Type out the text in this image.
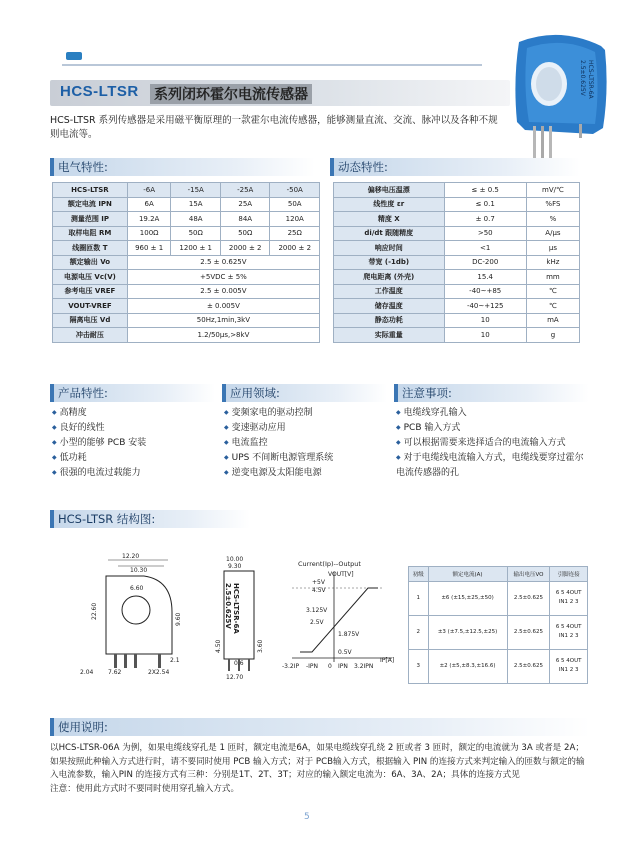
HCS-LTSR 系列闭环霍尔电流传感器
HCS-LTSR 系列传感器是采用磁平衡原理的一款霍尔电流传感器，能够测量直流、交流、脉冲以及各种不规则电流等。
HCS-LTSR-6A
2.5±0.625V
电气特性:
HCS-LTSR	-6A	-15A	-25A	-50A
额定电流 IPN	6A	15A	25A	50A
测量范围 IP	19.2A	48A	84A	120A
取样电阻 RM	100Ω	50Ω	50Ω	25Ω
线圈匝数 T	960 ± 1	1200 ± 1	2000 ± 2	2000 ± 2
额定输出 Vo	2.5 ± 0.625V			
电源电压 Vc(V)	+5VDC ± 5%			
参考电压 VREF	2.5 ± 0.005V			
VOUT-VREF	± 0.005V			
隔离电压 Vd	50Hz,1min,3kV			
冲击耐压	1.2/50μs,>8kV			
动态特性:
偏移电压温漂	≤ ± 0.5	mV/℃
线性度 εr	≤ 0.1	%FS
精度 X	± 0.7	%
di/dt 跟随精度	>50	A/μs
响应时间	<1	μs
带宽 (-1db)	DC-200	kHz
爬电距离 (外壳)	15.4	mm
工作温度	-40~+85	℃
储存温度	-40~+125	℃
静态功耗	10	mA
实际重量	10	g
产品特性:
◆ 高精度
◆ 良好的线性
◆ 小型的能够 PCB 安装
◆ 低功耗
◆ 很强的电流过载能力
应用领域:
◆ 变频家电的驱动控制
◆ 变速驱动应用
◆ 电流监控
◆ UPS 不间断电源管理系统
◆ 逆变电源及太阳能电源
注意事项:
◆ 电缆线穿孔输入
◆ PCB 输入方式
◆ 可以根据需要来选择适合的电流输入方式
◆ 对于电缆线电流输入方式，电缆线要穿过霍尔电流传感器的孔
HCS-LTSR 结构图:
12.20
10.30
6.60
22.60	9.60
2.04 7.62	2X2.54
2.1
10.00
9.30
HCS-LTSR-6A
2.5±0.625V
4.50
0.6
3.60
12.70
Current(Ip)--Output
VOUT[V]
IP[A]
+5V
4.5V
3.125V
2.5V
1.875V
0.5V
-3.2IP -IPN 0 IPN 3.2IPN
初级	额定电流(A)	输出电压VO	引脚连接
1	±6 (±15,±25,±50)	2.5±0.625	6 5 4OUT
IN1 2 3

2	±3 (±7.5,±12.5,±25)	2.5±0.625	6 5 4OUT
IN1 2 3

3	±2 (±5,±8.3,±16.6)	2.5±0.625	6 5 4OUT
IN1 2 3
使用说明:
以HCS-LTSR-06A 为例，如果电缆线穿孔是 1 匝时，额定电流是6A，如果电缆线穿孔绕 2 匝或者 3 匝时，额定的电流就为 3A 或者是 2A；如果按照此种输入方式进行时，请不要同时使用 PCB 输入方式；对于 PCB输入方式，根据输入 PIN 的连接方式来判定输入的匝数与额定的输入电流参数，输入PIN 的连接方式有三种：分别是1T、2T、3T；对应的输入额定电流为：6A、3A、2A；具体的连接方式见
注意：使用此方式时不要同时使用穿孔输入方式。
5
